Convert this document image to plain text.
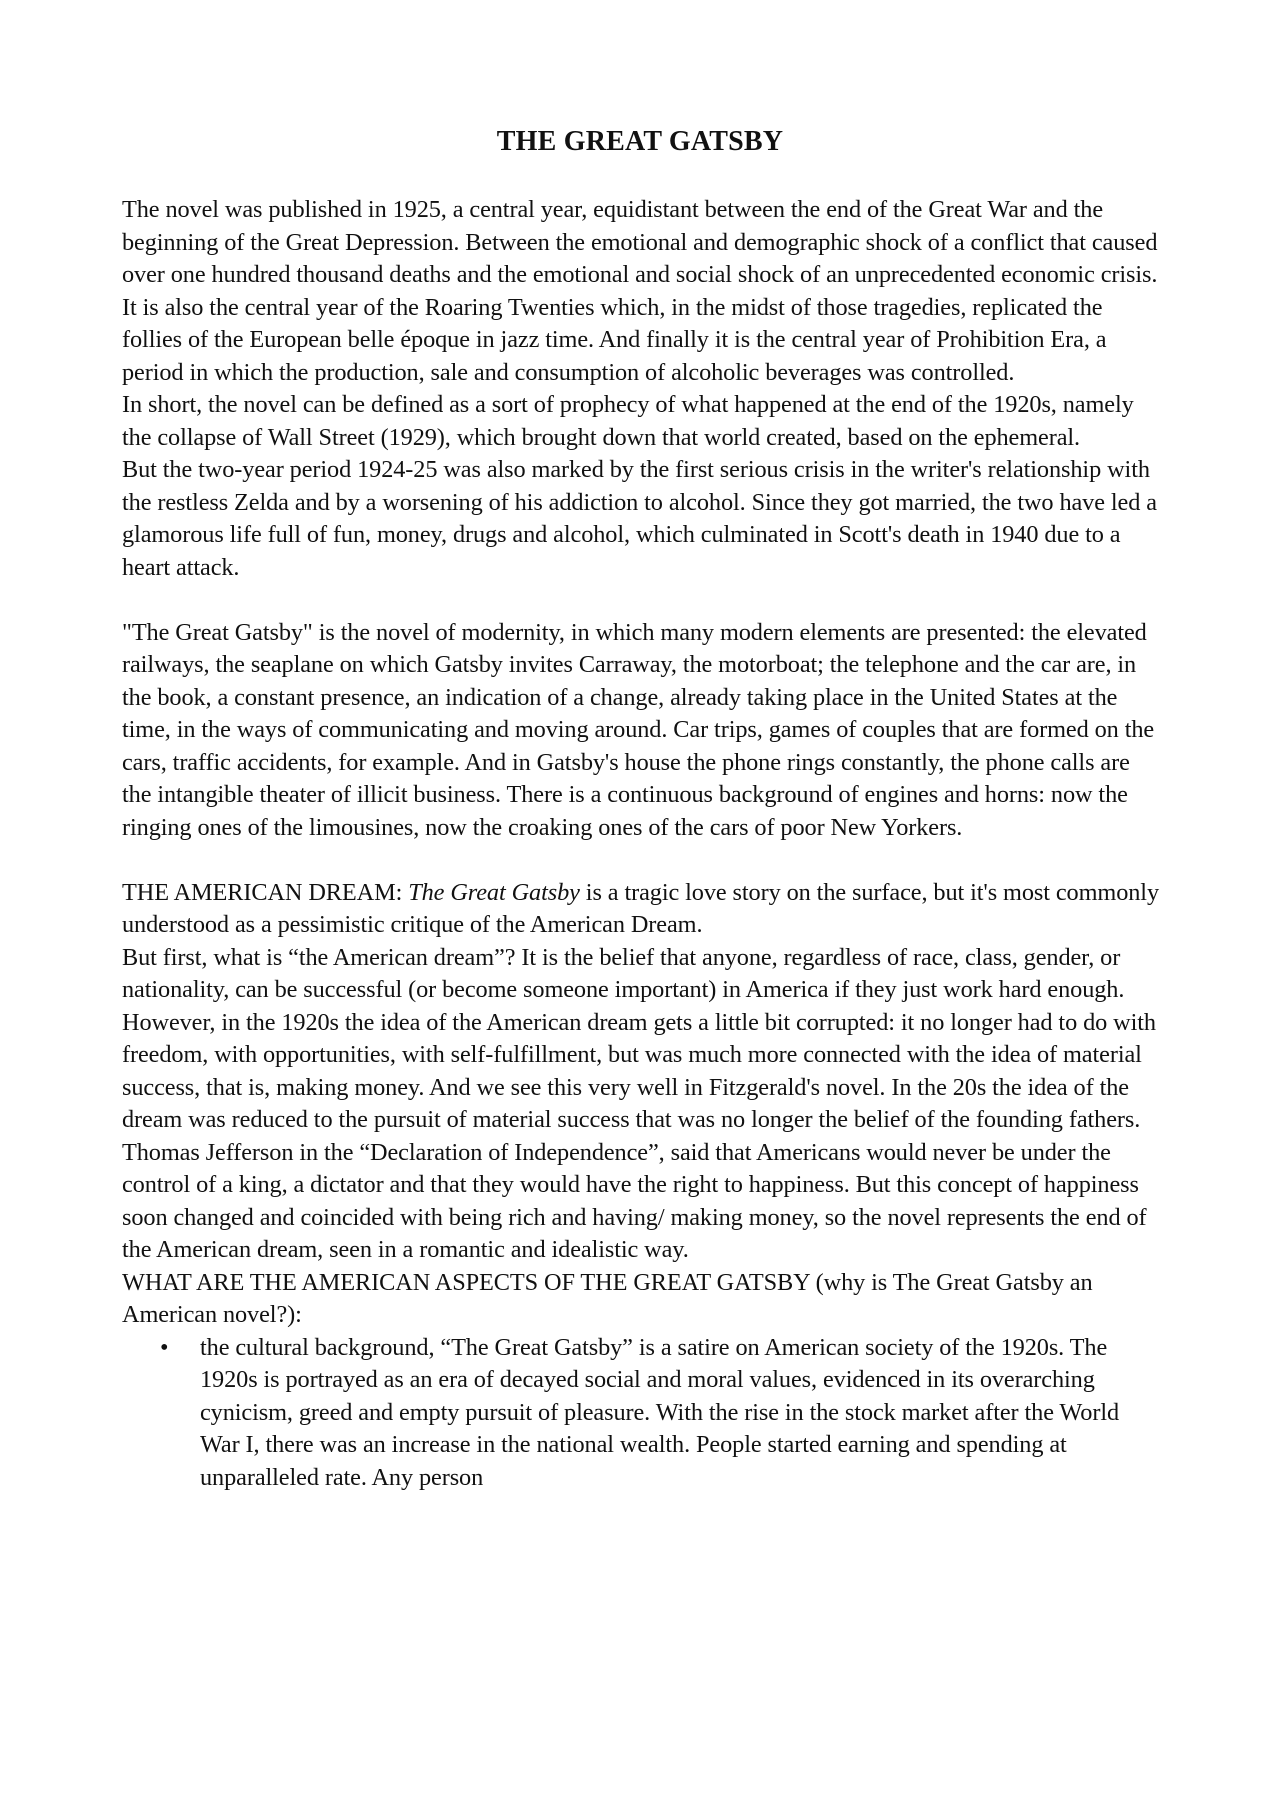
THE GREAT GATSBY

The novel was published in 1925, a central year, equidistant between the end of the Great War and the beginning of the Great Depression. Between the emotional and demographic shock of a conflict that caused over one hundred thousand deaths and the emotional and social shock of an unprecedented economic crisis. It is also the central year of the Roaring Twenties which, in the midst of those tragedies, replicated the follies of the European belle époque in jazz time. And finally it is the central year of Prohibition Era, a period in which the production, sale and consumption of alcoholic beverages was controlled.

In short, the novel can be defined as a sort of prophecy of what happened at the end of the 1920s, namely the collapse of Wall Street (1929), which brought down that world created, based on the ephemeral.

But the two-year period 1924-25 was also marked by the first serious crisis in the writer's relationship with the restless Zelda and by a worsening of his addiction to alcohol. Since they got married, the two have led a glamorous life full of fun, money, drugs and alcohol, which culminated in Scott's death in 1940 due to a heart attack.

"The Great Gatsby" is the novel of modernity, in which many modern elements are presented: the elevated railways, the seaplane on which Gatsby invites Carraway, the motorboat; the telephone and the car are, in the book, a constant presence, an indication of a change, already taking place in the United States at the time, in the ways of communicating and moving around. Car trips, games of couples that are formed on the cars, traffic accidents, for example. And in Gatsby's house the phone rings constantly, the phone calls are the intangible theater of illicit business. There is a continuous background of engines and horns: now the ringing ones of the limousines, now the croaking ones of the cars of poor New Yorkers.

THE AMERICAN DREAM: The Great Gatsby is a tragic love story on the surface, but it's most commonly understood as a pessimistic critique of the American Dream.

But first, what is “the American dream”? It is the belief that anyone, regardless of race, class, gender, or nationality, can be successful (or become someone important) in America if they just work hard enough. However, in the 1920s the idea of the American dream gets a little bit corrupted: it no longer had to do with freedom, with opportunities, with self-fulfillment, but was much more connected with the idea of material success, that is, making money. And we see this very well in Fitzgerald's novel. In the 20s the idea of the dream was reduced to the pursuit of material success that was no longer the belief of the founding fathers. Thomas Jefferson in the “Declaration of Independence”, said that Americans would never be under the control of a king, a dictator and that they would have the right to happiness. But this concept of happiness soon changed and coincided with being rich and having/ making money, so the novel represents the end of the American dream, seen in a romantic and idealistic way.

WHAT ARE THE AMERICAN ASPECTS OF THE GREAT GATSBY (why is The Great Gatsby an American novel?):

• the cultural background, “The Great Gatsby” is a satire on American society of the 1920s. The 1920s is portrayed as an era of decayed social and moral values, evidenced in its overarching cynicism, greed and empty pursuit of pleasure. With the rise in the stock market after the World War I, there was an increase in the national wealth. People started earning and spending at unparalleled rate. Any person
